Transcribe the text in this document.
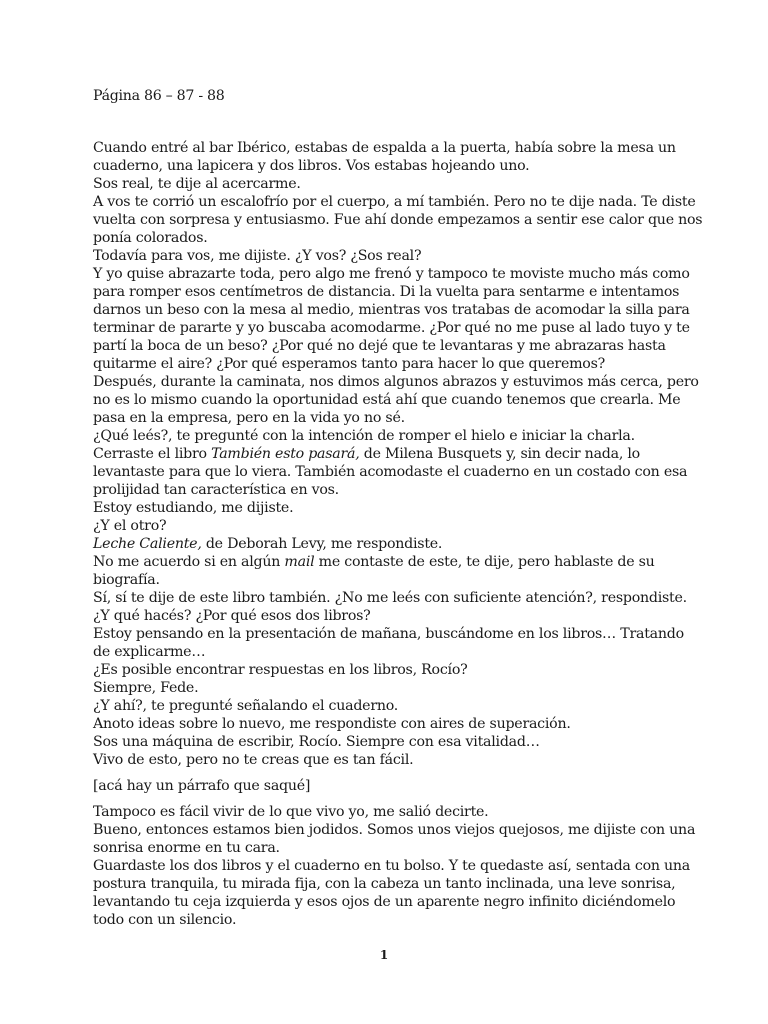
Página 86 – 87 - 88

Cuando entré al bar Ibérico, estabas de espalda a la puerta, había sobre la mesa un cuaderno, una lapicera y dos libros. Vos estabas hojeando uno.

Sos real, te dije al acercarme.

A vos te corrió un escalofrío por el cuerpo, a mí también. Pero no te dije nada. Te diste vuelta con sorpresa y entusiasmo. Fue ahí donde empezamos a sentir ese calor que nos ponía colorados.

Todavía para vos, me dijiste. ¿Y vos? ¿Sos real?

Y yo quise abrazarte toda, pero algo me frenó y tampoco te moviste mucho más como para romper esos centímetros de distancia. Di la vuelta para sentarme e intentamos darnos un beso con la mesa al medio, mientras vos tratabas de acomodar la silla para terminar de pararte y yo buscaba acomodarme. ¿Por qué no me puse al lado tuyo y te partí la boca de un beso? ¿Por qué no dejé que te levantaras y me abrazaras hasta quitarme el aire? ¿Por qué esperamos tanto para hacer lo que queremos?

Después, durante la caminata, nos dimos algunos abrazos y estuvimos más cerca, pero no es lo mismo cuando la oportunidad está ahí que cuando tenemos que crearla. Me pasa en la empresa, pero en la vida yo no sé.

¿Qué leés?, te pregunté con la intención de romper el hielo e iniciar la charla.

Cerraste el libro También esto pasará, de Milena Busquets y, sin decir nada, lo levantaste para que lo viera. También acomodaste el cuaderno en un costado con esa prolijidad tan característica en vos.

Estoy estudiando, me dijiste.

¿Y el otro?

Leche Caliente, de Deborah Levy, me respondiste.

No me acuerdo si en algún mail me contaste de este, te dije, pero hablaste de su biografía.

Sí, sí te dije de este libro también. ¿No me leés con suficiente atención?, respondiste.

¿Y qué hacés? ¿Por qué esos dos libros?

Estoy pensando en la presentación de mañana, buscándome en los libros… Tratando de explicarme…

¿Es posible encontrar respuestas en los libros, Rocío?

Siempre, Fede.

¿Y ahí?, te pregunté señalando el cuaderno.

Anoto ideas sobre lo nuevo, me respondiste con aires de superación.

Sos una máquina de escribir, Rocío. Siempre con esa vitalidad…

Vivo de esto, pero no te creas que es tan fácil.

[acá hay un párrafo que saqué]

Tampoco es fácil vivir de lo que vivo yo, me salió decirte.

Bueno, entonces estamos bien jodidos. Somos unos viejos quejosos, me dijiste con una sonrisa enorme en tu cara.

Guardaste los dos libros y el cuaderno en tu bolso. Y te quedaste así, sentada con una postura tranquila, tu mirada fija, con la cabeza un tanto inclinada, una leve sonrisa, levantando tu ceja izquierda y esos ojos de un aparente negro infinito diciéndomelo todo con un silencio.

1
